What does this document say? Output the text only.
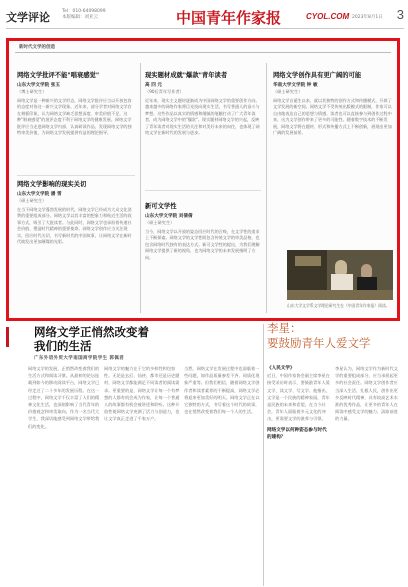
文学评论	Tel：010-64098099
本版编辑：刘亚云	中国青年作家报	CYOL.COM 2023年8月1日 3
新时代文学的创造
网络文学批评不能"唱衰感觉"
山东大学文学院 张玉
（博士研究生）
网络文学是一种新兴的文学形态，网络文学批评应当以开放包容的态度对待这一新兴文学现象。近年来，部分学者对网络文学存在刻板印象，认为网络文学缺乏思想深度、审美价值不足，这种"唱衰感觉"的批评态度不利于网络文学的健康发展。网络文学批评应当走进网络文学内部，认真研读作品，发现网络文学的独特审美价值，为网络文学发展提供有益的理论指导。
网络文学影响的现实关切
山东大学文学院 潘 雪
（硕士研究生）
在当下网络文学蓬勃发展的时代，网络文学已经成为大众文化消费的重要组成部分。网络文学以其丰富的想象力和贴近生活的叙事方式，吸引了大批读者。与此同时，网络文学也承担着传递社会价值、塑造时代精神的重要使命。网络文学创作应当关注现实，回应时代关切，书写新时代的中国故事，让网络文学在新时代焕发出更加璀璨的光彩。
现实题材成就"爆款"青年读者
高 四 元
（90后青年写作者）
近年来，现实主义题材逐渐成为中国网络文学的重要创作方向。越来越多的网络作家将目光投向现实生活，书写普通人的奋斗与梦想。这些作品以真实的情感和细腻的笔触打动了广大青年读者，成为网络文学中的"爆款"。现实题材网络文学的兴起，反映了青年读者对现实生活的关注和对美好未来的向往，也体现了网络文学在新时代的发展与进步。
新可文学性
山东大学文学院 刘倩倩
（硕士研究生）
当今，网络文学以开放的姿态回应时代的召唤，在文学性的追求上不断探索。网络文学的文学性既包含传统文学的审美品格，也包含网络时代独有的表达方式。新可文学性的提出，为我们理解网络文学提供了新的视角，也为网络文学的未来发展指明了方向。
网络文学创作具有更广阔的可能
华南大学文学院 钟 敏
（硕士研究生）
网络文学自诞生以来，就以其独特的创作方式和传播模式，开辟了文学发展的新空间。网络文学不受传统出版模式的限制，作家可以自由地表达自己的思想与情感，读者也可以直接参与到创作过程中来，这为文学创作带来了更多的可能性。随着数字技术的不断发展，网络文学将在题材、形式和传播方式上不断创新，展现出更加广阔的发展前景。
山东大学文学系文学理论研究生在《中国青年作家报》阅读。
网络文学正悄然改变着
我们的生活
广东外语外贸大学南国商学院学生 郭佩君
网络文学的发展，正悄然改变着我们的生活方式和阅读习惯。从最初的论坛连载到如今的移动阅读平台，网络文学已经走过了二十多年的发展历程。在这一过程中，网络文学不仅丰富了人们的精神文化生活，也深刻影响了当代青年的价值观念和审美取向。作为一名当代大学生，我深切地感受到网络文学带给我们的变化。
网络文学的魅力在于它的多样性和包容性。无论是玄幻、仙侠、都市还是历史题材，网络文学都能满足不同读者的阅读需求。更重要的是，网络文学让每一个有梦想的人都有机会成为作家，让每一个普通人的故事都有机会被讲述和聆听。这种开放性使网络文学充满了活力与创造力，也让文学真正走进了千家万户。
当然，网络文学在发展过程中也面临着一些问题，如作品质量参差不齐、同质化现象严重等。但我们相信，随着网络文学创作者和读者素养的不断提高，网络文学必将迎来更加美好的明天。网络文学正在以它独特的方式，书写着这个时代的故事，也在悄然改变着我们每一个人的生活。
李星：
要鼓励青年人爱文学
《人民文学》
近日，中国作家协会副主席李星在接受采访时表示，要鼓励青年人爱文学、读文学、写文学。他指出，文学是一个民族的精神家园，青年是民族的未来和希望。在当今社会，青年人面临着多元文化的冲击，更需要文学的滋养与引领。
网络文学以何种姿态参与时代的建构？
李星认为，网络文学作为新时代文学的重要组成部分，应当承担起更多的社会责任。网络文学创作者应当深入生活、扎根人民，创作出更多反映时代精神、具有较高艺术水准的优秀作品，让更多的青年人在阅读中感受文学的魅力，汲取前进的力量。
